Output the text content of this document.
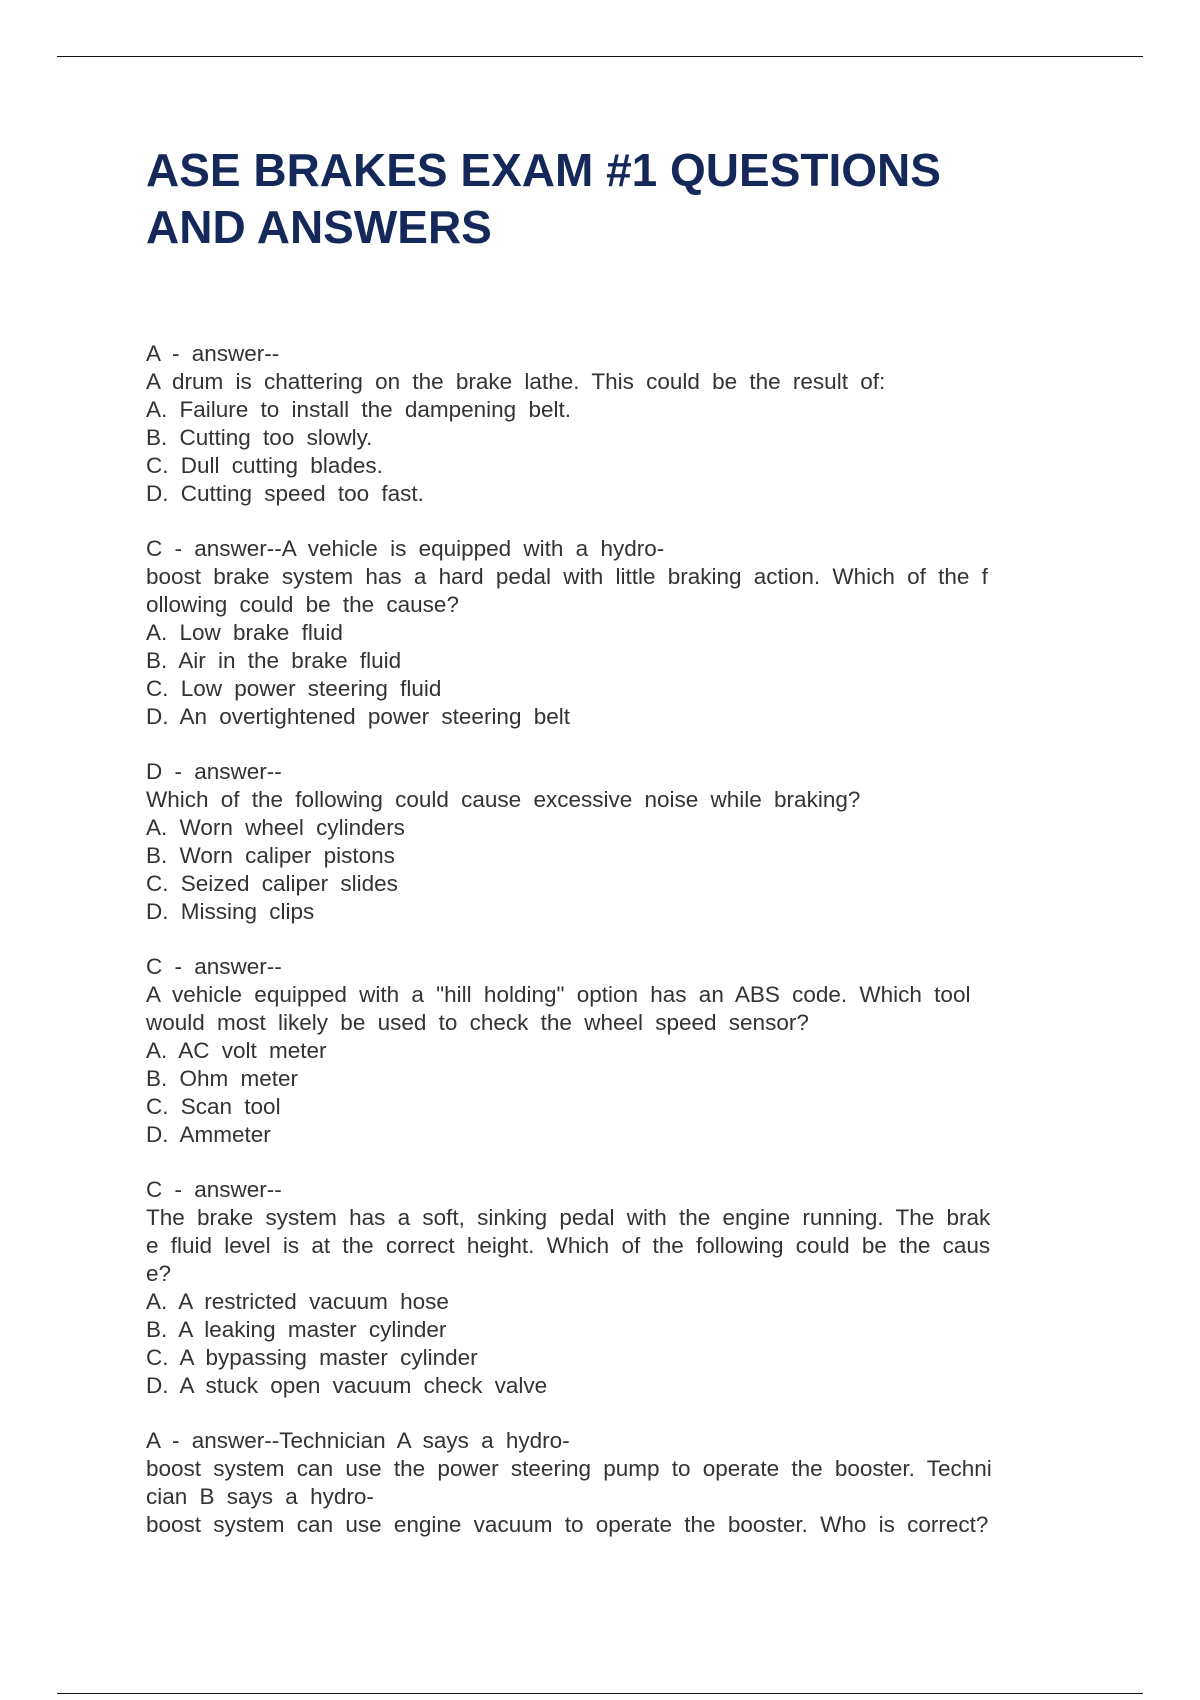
ASE BRAKES EXAM #1 QUESTIONS
AND ANSWERS
A - answer--
A drum is chattering on the brake lathe. This could be the result of:
A. Failure to install the dampening belt.
B. Cutting too slowly.
C. Dull cutting blades.
D. Cutting speed too fast.
C - answer--A vehicle is equipped with a hydro-
boost brake system has a hard pedal with little braking action. Which of the f
ollowing could be the cause?
A. Low brake fluid
B. Air in the brake fluid
C. Low power steering fluid
D. An overtightened power steering belt
D - answer--
Which of the following could cause excessive noise while braking?
A. Worn wheel cylinders
B. Worn caliper pistons
C. Seized caliper slides
D. Missing clips
C - answer--
A vehicle equipped with a "hill holding" option has an ABS code. Which tool
would most likely be used to check the wheel speed sensor?
A. AC volt meter
B. Ohm meter
C. Scan tool
D. Ammeter
C - answer--
The brake system has a soft, sinking pedal with the engine running. The brak
e fluid level is at the correct height. Which of the following could be the caus
e?
A. A restricted vacuum hose
B. A leaking master cylinder
C. A bypassing master cylinder
D. A stuck open vacuum check valve
A - answer--Technician A says a hydro-
boost system can use the power steering pump to operate the booster. Techni
cian B says a hydro-
boost system can use engine vacuum to operate the booster. Who is correct?
